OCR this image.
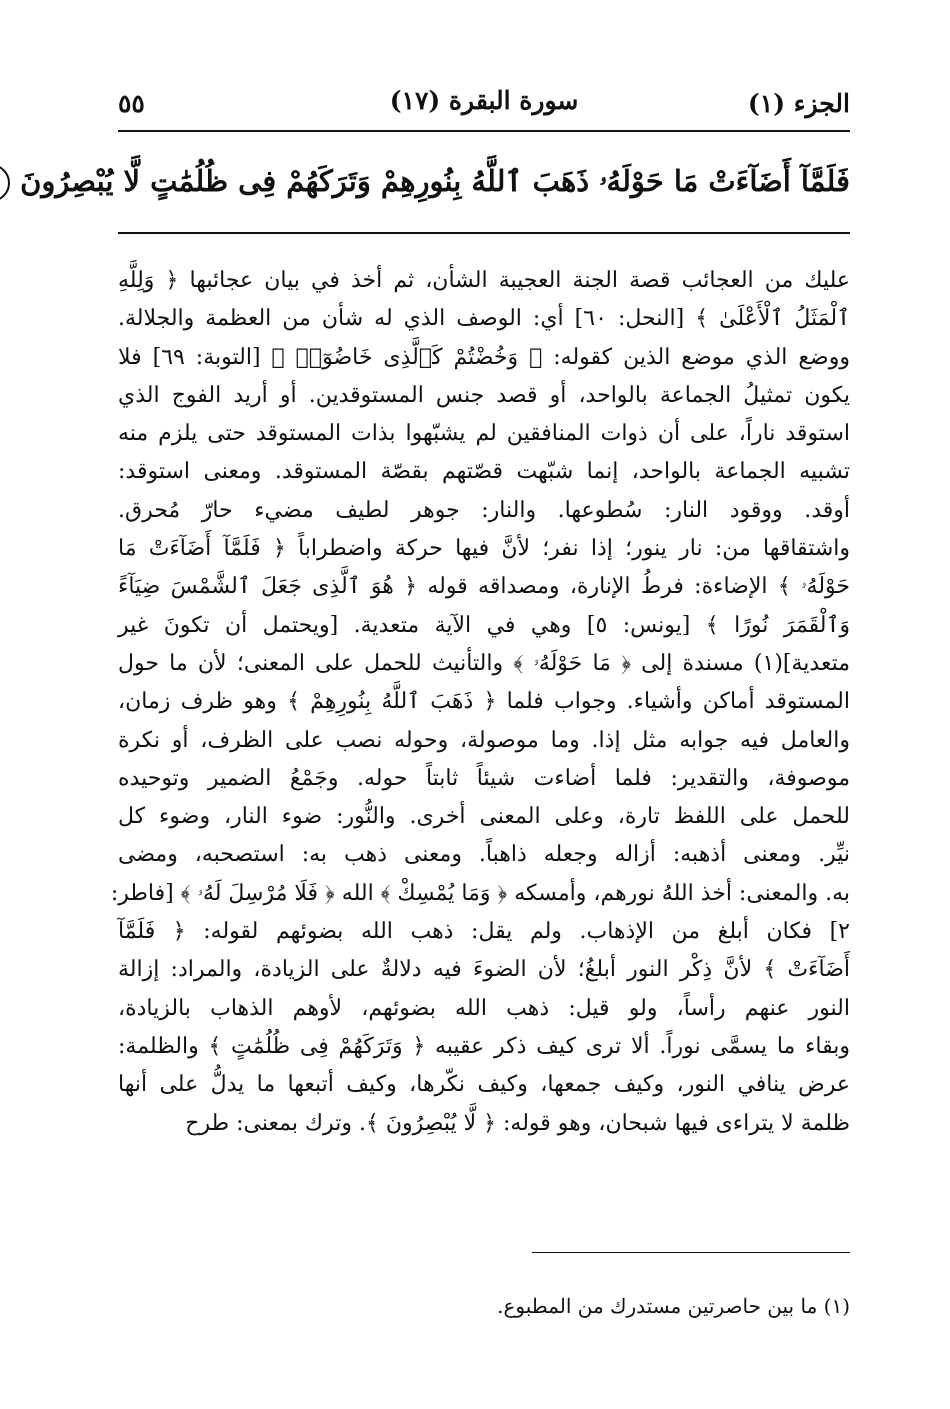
الجزء (١)
سورة البقرة (١٧)
٥٥
فَلَمَّآ أَضَآءَتْ مَا حَوْلَهُۥ ذَهَبَ ٱللَّهُ بِنُورِهِمْ وَتَرَكَهُمْ فِى ظُلُمَٰتٍ لَّا يُبْصِرُونَ
عليك من العجائب قصة الجنة العجيبة الشأن، ثم أخذ في بيان عجائبها ﴿ وَلِلَّهِ
ٱلْمَثَلُ ٱلْأَعْلَىٰ ﴾ [النحل: ٦٠] أي: الوصف الذي له شأن من العظمة والجلالة.
ووضع الذي موضع الذين كقوله: ﴿ وَخُضْتُمْ كَٱلَّذِى خَاضُوٓا۟ ﴾ [التوبة: ٦٩] فلا
يكون تمثيلُ الجماعة بالواحد، أو قصد جنس المستوقدين. أو أريد الفوج الذي
استوقد ناراً، على أن ذوات المنافقين لم يشبّهوا بذات المستوقد حتى يلزم منه
تشبيه الجماعة بالواحد، إنما شبّهت قصّتهم بقصّة المستوقد. ومعنى استوقد:
أوقد. ووقود النار: سُطوعها. والنار: جوهر لطيف مضيء حارّ مُحرق.
واشتقاقها من: نار ينور؛ إذا نفر؛ لأنَّ فيها حركة واضطراباً ﴿ فَلَمَّآ أَضَآءَتْ مَا
حَوْلَهُۥ ﴾ الإضاءة: فرطُ الإنارة، ومصداقه قوله ﴿ هُوَ ٱلَّذِى جَعَلَ ٱلشَّمْسَ ضِيَآءً
وَٱلْقَمَرَ نُورًا ﴾ [يونس: ٥] وهي في الآية متعدية. [ويحتمل أن تكونَ غير
متعدية](١) مسندة إلى ﴿ مَا حَوْلَهُۥ ﴾ والتأنيث للحمل على المعنى؛ لأن ما حول
المستوقد أماكن وأشياء. وجواب فلما ﴿ ذَهَبَ ٱللَّهُ بِنُورِهِمْ ﴾ وهو ظرف زمان،
والعامل فيه جوابه مثل إذا. وما موصولة، وحوله نصب على الظرف، أو نكرة
موصوفة، والتقدير: فلما أضاءت شيئاً ثابتاً حوله. وجَمْعُ الضمير وتوحيده
للحمل على اللفظ تارة، وعلى المعنى أخرى. والنُّور: ضوء النار، وضوء كل
نيِّر. ومعنى أذهبه: أزاله وجعله ذاهباً. ومعنى ذهب به: استصحبه، ومضى
به. والمعنى: أخذ اللهُ نورهم، وأمسكه ﴿ وَمَا يُمْسِكْ ﴾ الله ﴿ فَلَا مُرْسِلَ لَهُۥ ﴾ [فاطر:
٢] فكان أبلغ من الإذهاب. ولم يقل: ذهب الله بضوئهم لقوله: ﴿ فَلَمَّآ
أَضَآءَتْ ﴾ لأنَّ ذِكْر النور أبلغُ؛ لأن الضوءَ فيه دلالةٌ على الزيادة، والمراد: إزالة
النور عنهم رأساً، ولو قيل: ذهب الله بضوئهم، لأوهم الذهاب بالزيادة،
وبقاء ما يسمَّى نوراً. ألا ترى كيف ذكر عقيبه ﴿ وَتَرَكَهُمْ فِى ظُلُمَٰتٍ ﴾ والظلمة:
عرض ينافي النور، وكيف جمعها، وكيف نكّرها، وكيف أتبعها ما يدلُّ على أنها
ظلمة لا يتراءى فيها شبحان، وهو قوله: ﴿ لَّا يُبْصِرُونَ ﴾. وترك بمعنى: طرح
(١) ما بين حاصرتين مستدرك من المطبوع.
